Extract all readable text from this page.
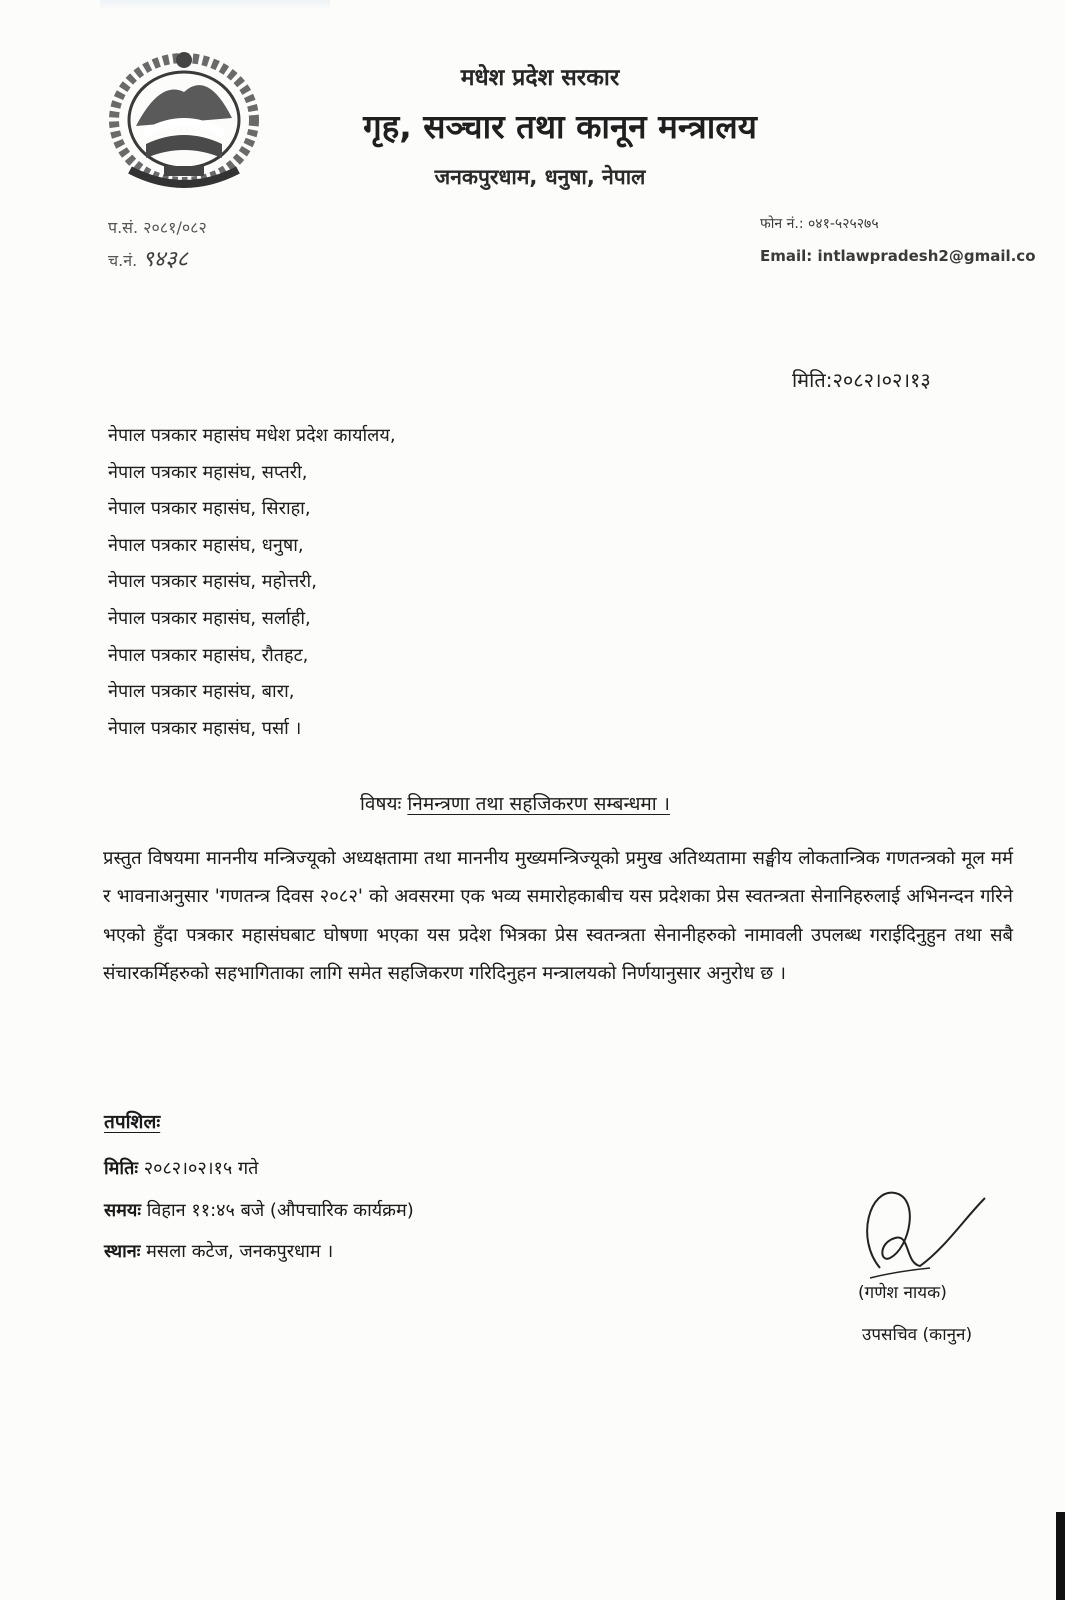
मधेश प्रदेश सरकार
गृह, सञ्चार तथा कानून मन्त्रालय
जनकपुरधाम, धनुषा, नेपाल
प.सं. २०८१/०८२
च.नं. ९४३८
फोन नं.: ०४१-५२५२७५
Email: intlawpradesh2@gmail.co
मिति:२०८२।०२।१३
नेपाल पत्रकार महासंघ मधेश प्रदेश कार्यालय,
नेपाल पत्रकार महासंघ, सप्तरी,
नेपाल पत्रकार महासंघ, सिराहा,
नेपाल पत्रकार महासंघ, धनुषा,
नेपाल पत्रकार महासंघ, महोत्तरी,
नेपाल पत्रकार महासंघ, सर्लाही,
नेपाल पत्रकार महासंघ, रौतहट,
नेपाल पत्रकार महासंघ, बारा,
नेपाल पत्रकार महासंघ, पर्सा ।
विषयः निमन्त्रणा तथा सहजिकरण सम्बन्धमा ।
प्रस्तुत विषयमा माननीय मन्त्रिज्यूको अध्यक्षतामा तथा माननीय मुख्यमन्त्रिज्यूको प्रमुख अतिथ्यतामा सङ्घीय लोकतान्त्रिक गणतन्त्रको मूल मर्म र भावनाअनुसार 'गणतन्त्र दिवस २०८२' को अवसरमा एक भव्य समारोहकाबीच यस प्रदेशका प्रेस स्वतन्त्रता सेनानिहरुलाई अभिनन्दन गरिने भएको हुँदा पत्रकार महासंघबाट घोषणा भएका यस प्रदेश भित्रका प्रेस स्वतन्त्रता सेनानीहरुको नामावली उपलब्ध गराईदिनुहुन तथा सबै संचारकर्मिहरुको सहभागिताका लागि समेत सहजिकरण गरिदिनुहन मन्त्रालयको निर्णयानुसार अनुरोध छ ।
तपशिलः
मितिः २०८२।०२।१५ गते
समयः विहान ११:४५ बजे (औपचारिक कार्यक्रम)
स्थानः मसला कटेज, जनकपुरधाम ।
(गणेश नायक)
उपसचिव (कानुन)
